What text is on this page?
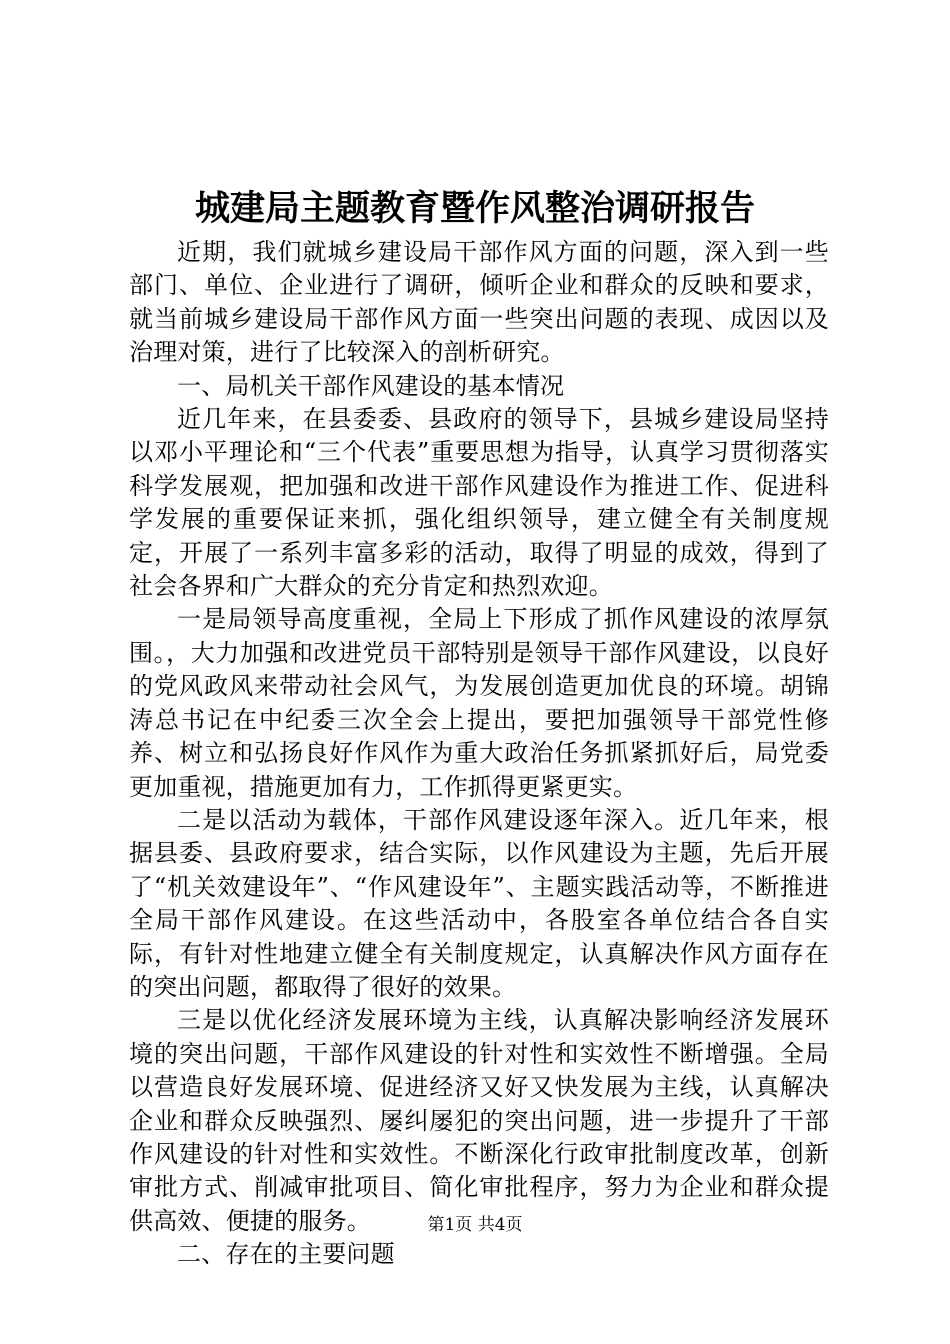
城建局主题教育暨作风整治调研报告

近期，我们就城乡建设局干部作风方面的问题，深入到一些部门、单位、企业进行了调研，倾听企业和群众的反映和要求，就当前城乡建设局干部作风方面一些突出问题的表现、成因以及治理对策，进行了比较深入的剖析研究。

一、局机关干部作风建设的基本情况

近几年来，在县委委、县政府的领导下，县城乡建设局坚持以邓小平理论和“三个代表”重要思想为指导，认真学习贯彻落实科学发展观，把加强和改进干部作风建设作为推进工作、促进科学发展的重要保证来抓，强化组织领导，建立健全有关制度规定，开展了一系列丰富多彩的活动，取得了明显的成效，得到了社会各界和广大群众的充分肯定和热烈欢迎。

一是局领导高度重视，全局上下形成了抓作风建设的浓厚氛围。，大力加强和改进党员干部特别是领导干部作风建设，以良好的党风政风来带动社会风气，为发展创造更加优良的环境。胡锦涛总书记在中纪委三次全会上提出，要把加强领导干部党性修养、树立和弘扬良好作风作为重大政治任务抓紧抓好后，局党委更加重视，措施更加有力，工作抓得更紧更实。

二是以活动为载体，干部作风建设逐年深入。近几年来，根据县委、县政府要求，结合实际，以作风建设为主题，先后开展了“机关效建设年”、“作风建设年”、主题实践活动等，不断推进全局干部作风建设。在这些活动中，各股室各单位结合各自实际，有针对性地建立健全有关制度规定，认真解决作风方面存在的突出问题，都取得了很好的效果。

三是以优化经济发展环境为主线，认真解决影响经济发展环境的突出问题，干部作风建设的针对性和实效性不断增强。全局以营造良好发展环境、促进经济又好又快发展为主线，认真解决企业和群众反映强烈、屡纠屡犯的突出问题，进一步提升了干部作风建设的针对性和实效性。不断深化行政审批制度改革，创新审批方式、削减审批项目、简化审批程序，努力为企业和群众提供高效、便捷的服务。

二、存在的主要问题

第1页 共4页
